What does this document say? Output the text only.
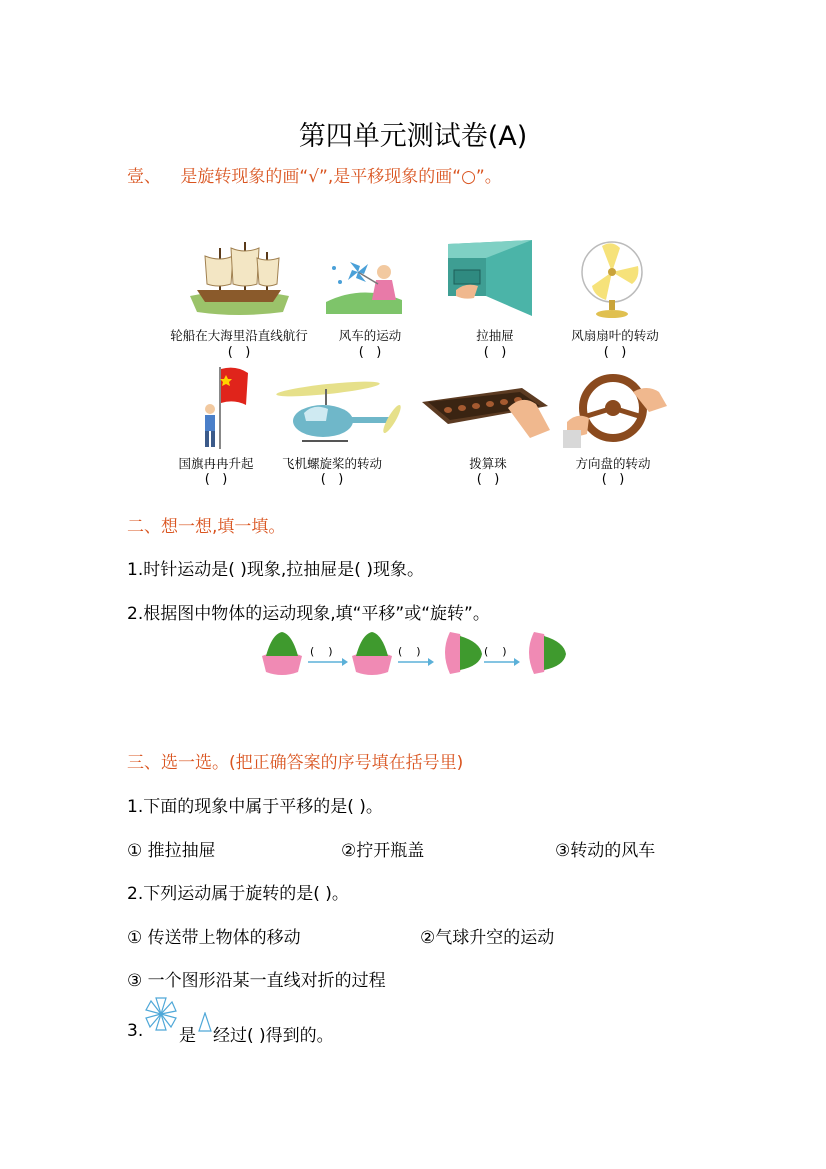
第四单元测试卷(A)
壹、 是旋转现象的画“√”,是平移现象的画“○”。
轮船在大海里沿直线航行
(   )
风车的运动
(   )
拉抽屉
(   )
风扇扇叶的转动
(   )
国旗冉冉升起
(   )
飞机螺旋桨的转动
(   )
拨算珠
(   )
方向盘的转动
(   )
二、想一想,填一填。
1.时针运动是( )现象,拉抽屉是( )现象。
2.根据图中物体的运动现象,填“平移”或“旋转”。
(    )	(    )	(    )
三、选一选。(把正确答案的序号填在括号里)
1.下面的现象中属于平移的是( )。
① 推拉抽屉	②拧开瓶盖	③转动的风车
2.下列运动属于旋转的是( )。
① 传送带上物体的移动	②气球升空的运动
③ 一个图形沿某一直线对折的过程
3. 是 经过( )得到的。
